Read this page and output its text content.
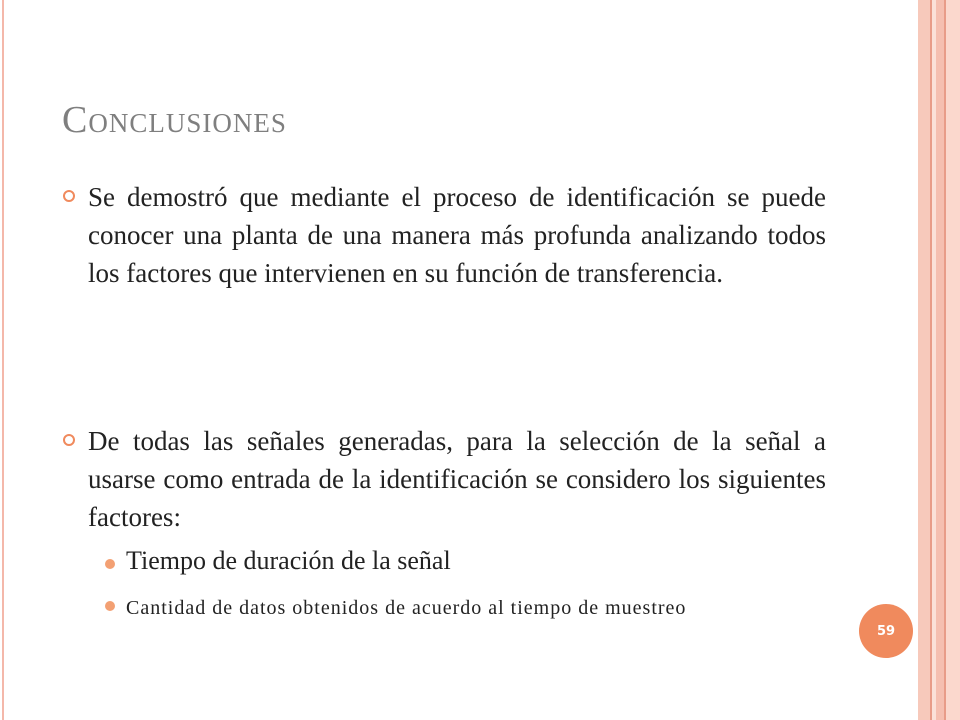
Conclusiones
Se demostró que mediante el proceso de identificación se puede conocer una planta de una manera más profunda analizando todos los factores que intervienen en su función de transferencia.
De todas las señales generadas, para la selección de la señal a usarse como entrada de la identificación se considero los siguientes factores:
Tiempo de duración de la señal
Cantidad de datos obtenidos de acuerdo al tiempo de muestreo
59
